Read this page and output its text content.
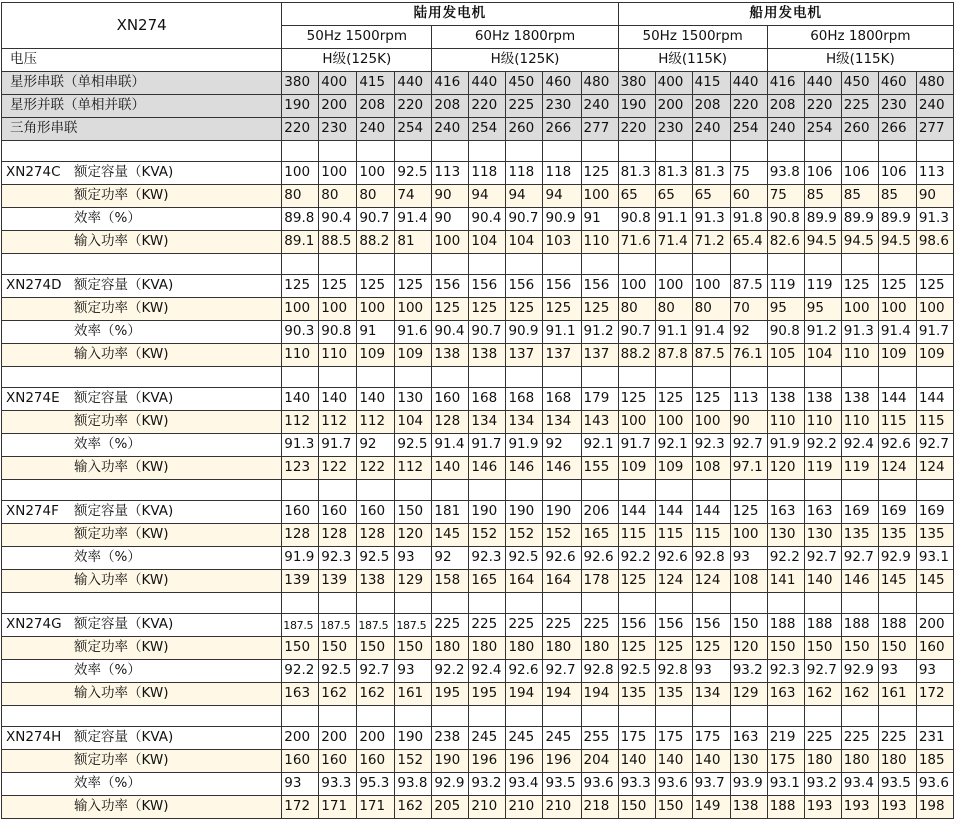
XN274	陆用发电机									船用发电机								
	50Hz 1500rpm				60Hz 1800rpm					50Hz 1500rpm				60Hz 1800rpm				
电压	H级(125K)				H级(125K)					H级(115K)				H级(115K)				
星形串联（单相串联）	380	400	415	440	416	440	450	460	480	380	400	415	440	416	440	450	460	480
星形并联（单相并联）	190	200	208	220	208	220	225	230	240	190	200	208	220	208	220	225	230	240
三角形串联	220	230	240	254	240	254	260	266	277	220	230	240	254	240	254	260	266	277

XN274C 额定容量（KVA)	100	100	100	92.5	113	118	118	118	125	81.3	81.3	81.3	75	93.8	106	106	106	113
额定功率（KW)	80	80	80	74	90	94	94	94	100	65	65	65	60	75	85	85	85	90
效率（%）	89.8	90.4	90.7	91.4	90	90.4	90.7	90.9	91	90.8	91.1	91.3	91.8	90.8	89.9	89.9	89.9	91.3
输入功率（KW)	89.1	88.5	88.2	81	100	104	104	103	110	71.6	71.4	71.2	65.4	82.6	94.5	94.5	94.5	98.6

XN274D 额定容量（KVA)	125	125	125	125	156	156	156	156	156	100	100	100	87.5	119	119	125	125	125
额定功率（KW)	100	100	100	100	125	125	125	125	125	80	80	80	70	95	95	100	100	100
效率（%）	90.3	90.8	91	91.6	90.4	90.7	90.9	91.1	91.2	90.7	91.1	91.4	92	90.8	91.2	91.3	91.4	91.7
输入功率（KW)	110	110	109	109	138	138	137	137	137	88.2	87.8	87.5	76.1	105	104	110	109	109

XN274E 额定容量（KVA)	140	140	140	130	160	168	168	168	179	125	125	125	113	138	138	138	144	144
额定功率（KW)	112	112	112	104	128	134	134	134	143	100	100	100	90	110	110	110	115	115
效率（%）	91.3	91.7	92	92.5	91.4	91.7	91.9	92	92.1	91.7	92.1	92.3	92.7	91.9	92.2	92.4	92.6	92.7
输入功率（KW)	123	122	122	112	140	146	146	146	155	109	109	108	97.1	120	119	119	124	124

XN274F 额定容量（KVA)	160	160	160	150	181	190	190	190	206	144	144	144	125	163	163	169	169	169
额定功率（KW)	128	128	128	120	145	152	152	152	165	115	115	115	100	130	130	135	135	135
效率（%）	91.9	92.3	92.5	93	92	92.3	92.5	92.6	92.6	92.2	92.6	92.8	93	92.2	92.7	92.7	92.9	93.1
输入功率（KW)	139	139	138	129	158	165	164	164	178	125	124	124	108	141	140	146	145	145

XN274G 额定容量（KVA)	187.5	187.5	187.5	187.5	225	225	225	225	225	156	156	156	150	188	188	188	188	200
额定功率（KW)	150	150	150	150	180	180	180	180	180	125	125	125	120	150	150	150	150	160
效率（%）	92.2	92.5	92.7	93	92.2	92.4	92.6	92.7	92.8	92.5	92.8	93	93.2	92.3	92.7	92.9	93	93
输入功率（KW)	163	162	162	161	195	195	194	194	194	135	135	134	129	163	162	162	161	172

XN274H 额定容量（KVA)	200	200	200	190	238	245	245	245	255	175	175	175	163	219	225	225	225	231
额定功率（KW)	160	160	160	152	190	196	196	196	204	140	140	140	130	175	180	180	180	185
效率（%）	93	93.3	95.3	93.8	92.9	93.2	93.4	93.5	93.6	93.3	93.6	93.7	93.9	93.1	93.2	93.4	93.5	93.6
输入功率（KW)	172	171	171	162	205	210	210	210	218	150	150	149	138	188	193	193	193	198
